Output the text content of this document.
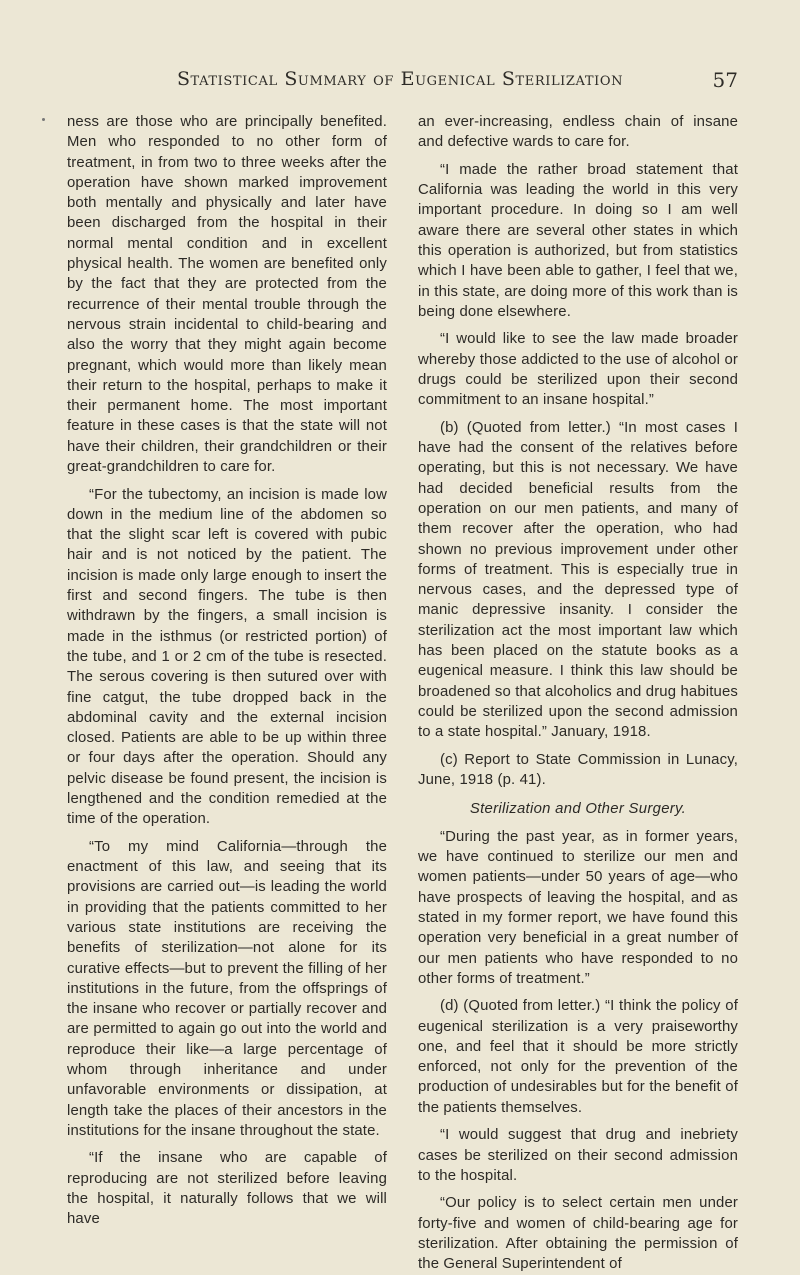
Statistical Summary of Eugenical Sterilization	57

ness are those who are principally benefited. Men who responded to no other form of treatment, in from two to three weeks after the operation have shown marked improvement both mentally and physically and later have been discharged from the hospital in their normal mental condition and in excellent physical health. The women are benefited only by the fact that they are protected from the recurrence of their mental trouble through the nervous strain incidental to child-bearing and also the worry that they might again become pregnant, which would more than likely mean their return to the hospital, perhaps to make it their permanent home. The most important feature in these cases is that the state will not have their children, their grandchildren or their great-grandchildren to care for.

“For the tubectomy, an incision is made low down in the medium line of the abdomen so that the slight scar left is covered with pubic hair and is not noticed by the patient. The incision is made only large enough to insert the first and second fingers. The tube is then withdrawn by the fingers, a small incision is made in the isthmus (or restricted portion) of the tube, and 1 or 2 cm of the tube is resected. The serous covering is then sutured over with fine catgut, the tube dropped back in the abdominal cavity and the external incision closed. Patients are able to be up within three or four days after the operation. Should any pelvic disease be found present, the incision is lengthened and the condition remedied at the time of the operation.

“To my mind California—through the enactment of this law, and seeing that its provisions are carried out—is leading the world in providing that the patients committed to her various state institutions are receiving the benefits of sterilization—not alone for its curative effects—but to prevent the filling of her institutions in the future, from the offsprings of the insane who recover or partially recover and are permitted to again go out into the world and reproduce their like—a large percentage of whom through inheritance and under unfavorable environments or dissipation, at length take the places of their ancestors in the institutions for the insane throughout the state.

“If the insane who are capable of reproducing are not sterilized before leaving the hospital, it naturally follows that we will have

an ever-increasing, endless chain of insane and defective wards to care for.

“I made the rather broad statement that California was leading the world in this very important procedure. In doing so I am well aware there are several other states in which this operation is authorized, but from statistics which I have been able to gather, I feel that we, in this state, are doing more of this work than is being done elsewhere.

“I would like to see the law made broader whereby those addicted to the use of alcohol or drugs could be sterilized upon their second commitment to an insane hospital.”

(b) (Quoted from letter.) “In most cases I have had the consent of the relatives before operating, but this is not necessary. We have had decided beneficial results from the operation on our men patients, and many of them recover after the operation, who had shown no previous improvement under other forms of treatment. This is especially true in nervous cases, and the depressed type of manic depressive insanity. I consider the sterilization act the most important law which has been placed on the statute books as a eugenical measure. I think this law should be broadened so that alcoholics and drug habitues could be sterilized upon the second admission to a state hospital.” January, 1918.

(c) Report to State Commission in Lunacy, June, 1918 (p. 41).

Sterilization and Other Surgery.

“During the past year, as in former years, we have continued to sterilize our men and women patients—under 50 years of age—who have prospects of leaving the hospital, and as stated in my former report, we have found this operation very beneficial in a great number of our men patients who have responded to no other forms of treatment.”

(d) (Quoted from letter.) “I think the policy of eugenical sterilization is a very praiseworthy one, and feel that it should be more strictly enforced, not only for the prevention of the production of undesirables but for the benefit of the patients themselves.

“I would suggest that drug and inebriety cases be sterilized on their second admission to the hospital.

“Our policy is to select certain men under forty-five and women of child-bearing age for sterilization. After obtaining the permission of the General Superintendent of
